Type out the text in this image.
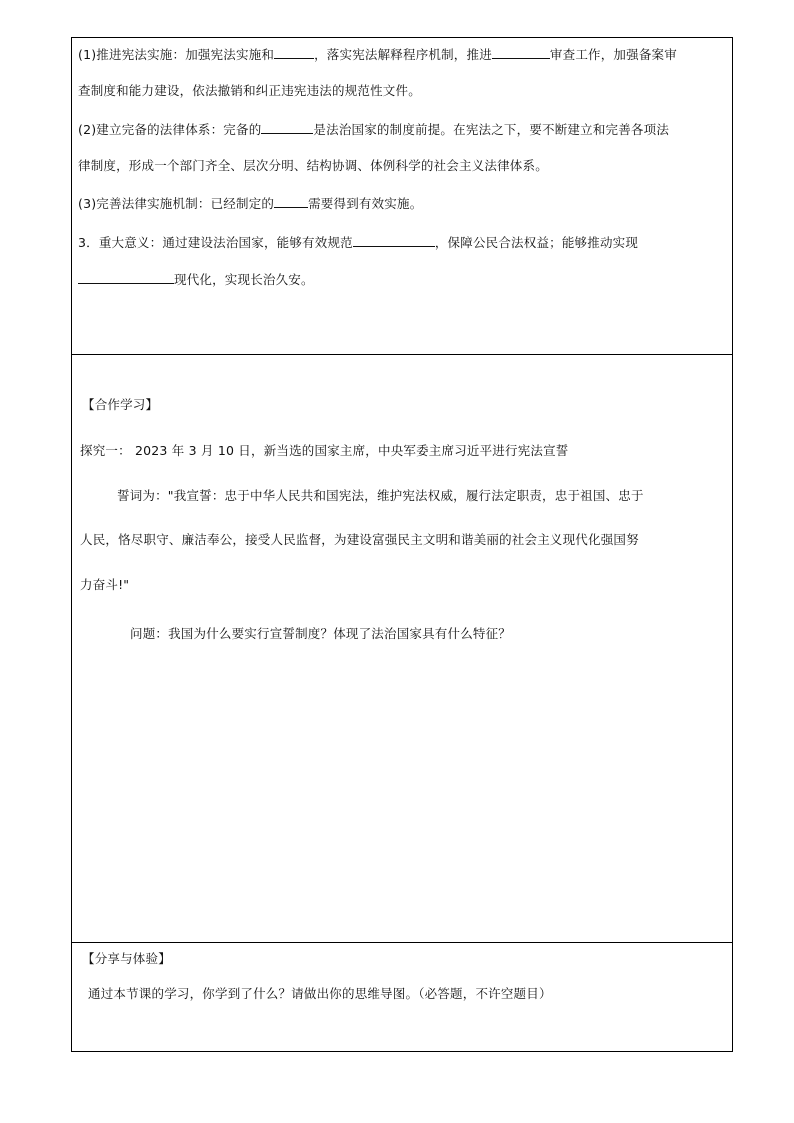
(1)推进宪法实施：加强宪法实施和	，落实宪法解释程序机制，推进	审查工作，加强备案审
查制度和能力建设，依法撤销和纠正违宪违法的规范性文件。
(2)建立完备的法律体系：完备的	是法治国家的制度前提。在宪法之下，要不断建立和完善各项法
律制度，形成一个部门齐全、层次分明、结构协调、体例科学的社会主义法律体系。
(3)完善法律实施机制：已经制定的	需要得到有效实施。
3．重大意义：通过建设法治国家，能够有效规范	，保障公民合法权益；能够推动实现
现代化，实现长治久安。
【合作学习】
探究一： 2023 年 3 月 10 日，新当选的国家主席，中央军委主席习近平进行宪法宣誓
誓词为："我宣誓：忠于中华人民共和国宪法，维护宪法权威，履行法定职责，忠于祖国、忠于
人民，恪尽职守、廉洁奉公，接受人民监督，为建设富强民主文明和谐美丽的社会主义现代化强国努
力奋斗!"
问题：我国为什么要实行宣誓制度？体现了法治国家具有什么特征？
【分享与体验】
通过本节课的学习，你学到了什么？请做出你的思维导图。（必答题，不许空题目）
